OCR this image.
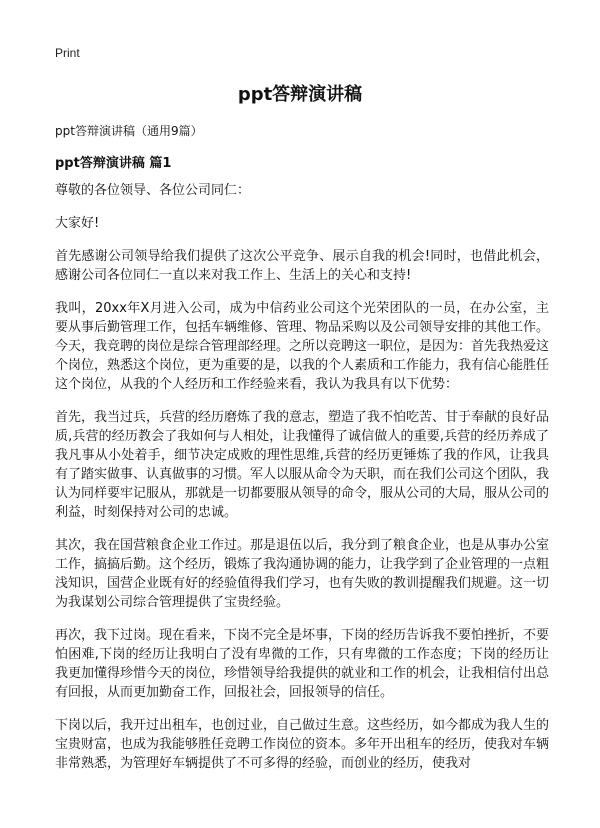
Print
ppt答辩演讲稿

ppt答辩演讲稿（通用9篇）

ppt答辩演讲稿 篇1

尊敬的各位领导、各位公司同仁：

大家好!

首先感谢公司领导给我们提供了这次公平竞争、展示自我的机会!同时，也借此机会，感谢公司各位同仁一直以来对我工作上、生活上的关心和支持!

我叫，20xx年X月进入公司，成为中信药业公司这个光荣团队的一员，在办公室，主要从事后勤管理工作，包括车辆维修、管理、物品采购以及公司领导安排的其他工作。 今天，我竞聘的岗位是综合管理部经理。之所以竞聘这一职位，是因为：首先我热爱这个岗位，熟悉这个岗位，更为重要的是，以我的个人素质和工作能力，我有信心能胜任这个岗位，从我的个人经历和工作经验来看，我认为我具有以下优势：

首先，我当过兵，兵营的经历磨炼了我的意志，塑造了我不怕吃苦、甘于奉献的良好品质,兵营的经历教会了我如何与人相处，让我懂得了诚信做人的重要,兵营的经历养成了我凡事从小处着手，细节决定成败的理性思维,兵营的经历更锤炼了我的作风，让我具有了踏实做事、认真做事的习惯。军人以服从命令为天职，而在我们公司这个团队，我认为同样要牢记服从，那就是一切都要服从领导的命令，服从公司的大局，服从公司的利益，时刻保持对公司的忠诚。

其次，我在国营粮食企业工作过。那是退伍以后，我分到了粮食企业，也是从事办公室工作，搞搞后勤。这个经历，锻炼了我沟通协调的能力，让我学到了企业管理的一点粗浅知识，国营企业既有好的经验值得我们学习，也有失败的教训提醒我们规避。这一切为我谋划公司综合管理提供了宝贵经验。

再次，我下过岗。现在看来，下岗不完全是坏事，下岗的经历告诉我不要怕挫折，不要怕困难,下岗的经历让我明白了没有卑微的工作，只有卑微的工作态度；下岗的经历让我更加懂得珍惜今天的岗位，珍惜领导给我提供的就业和工作的机会，让我相信付出总有回报，从而更加勤奋工作，回报社会，回报领导的信任。

下岗以后，我开过出租车，也创过业，自己做过生意。这些经历，如今都成为我人生的宝贵财富，也成为我能够胜任竞聘工作岗位的资本。多年开出租车的经历，使我对车辆非常熟悉，为管理好车辆提供了不可多得的经验，而创业的经历，使我对
